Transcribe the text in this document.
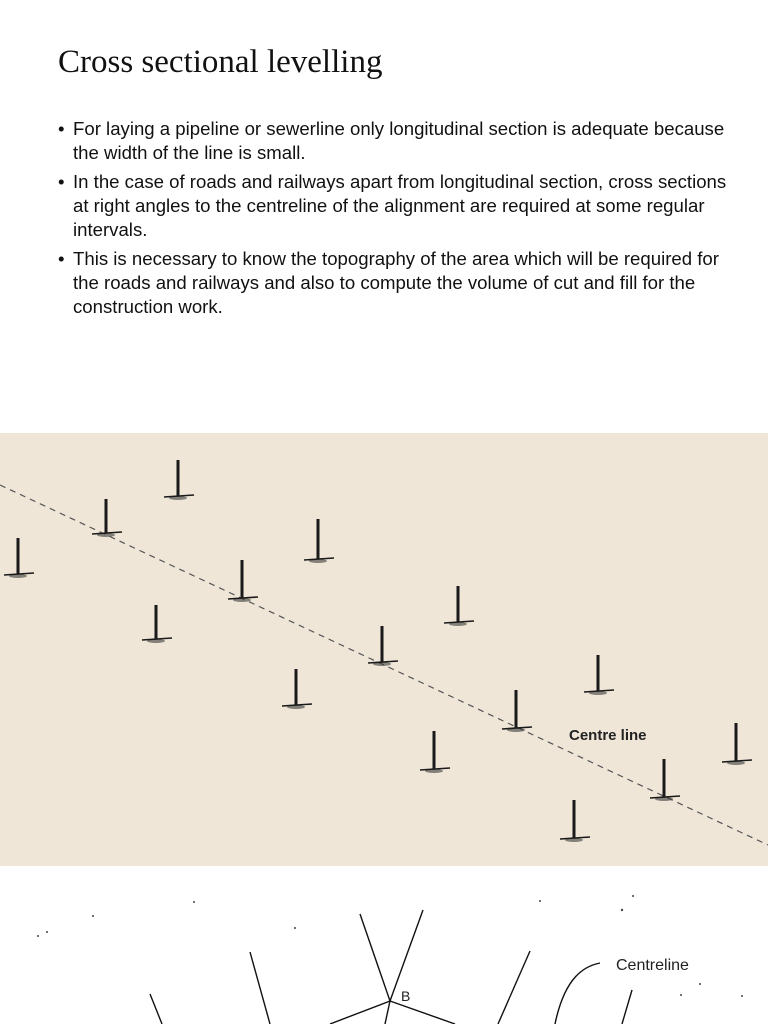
Cross sectional levelling
• For laying a pipeline or sewerline only longitudinal section is adequate because the width of the line is small.
• In the case of roads and railways apart from longitudinal section, cross sections at right angles to the centreline of the alignment are required at some regular intervals.
• This is necessary to know the topography of the area which will be required for the roads and railways and also to compute the volume of cut and fill for the construction work.
Centre line
Centreline
B
